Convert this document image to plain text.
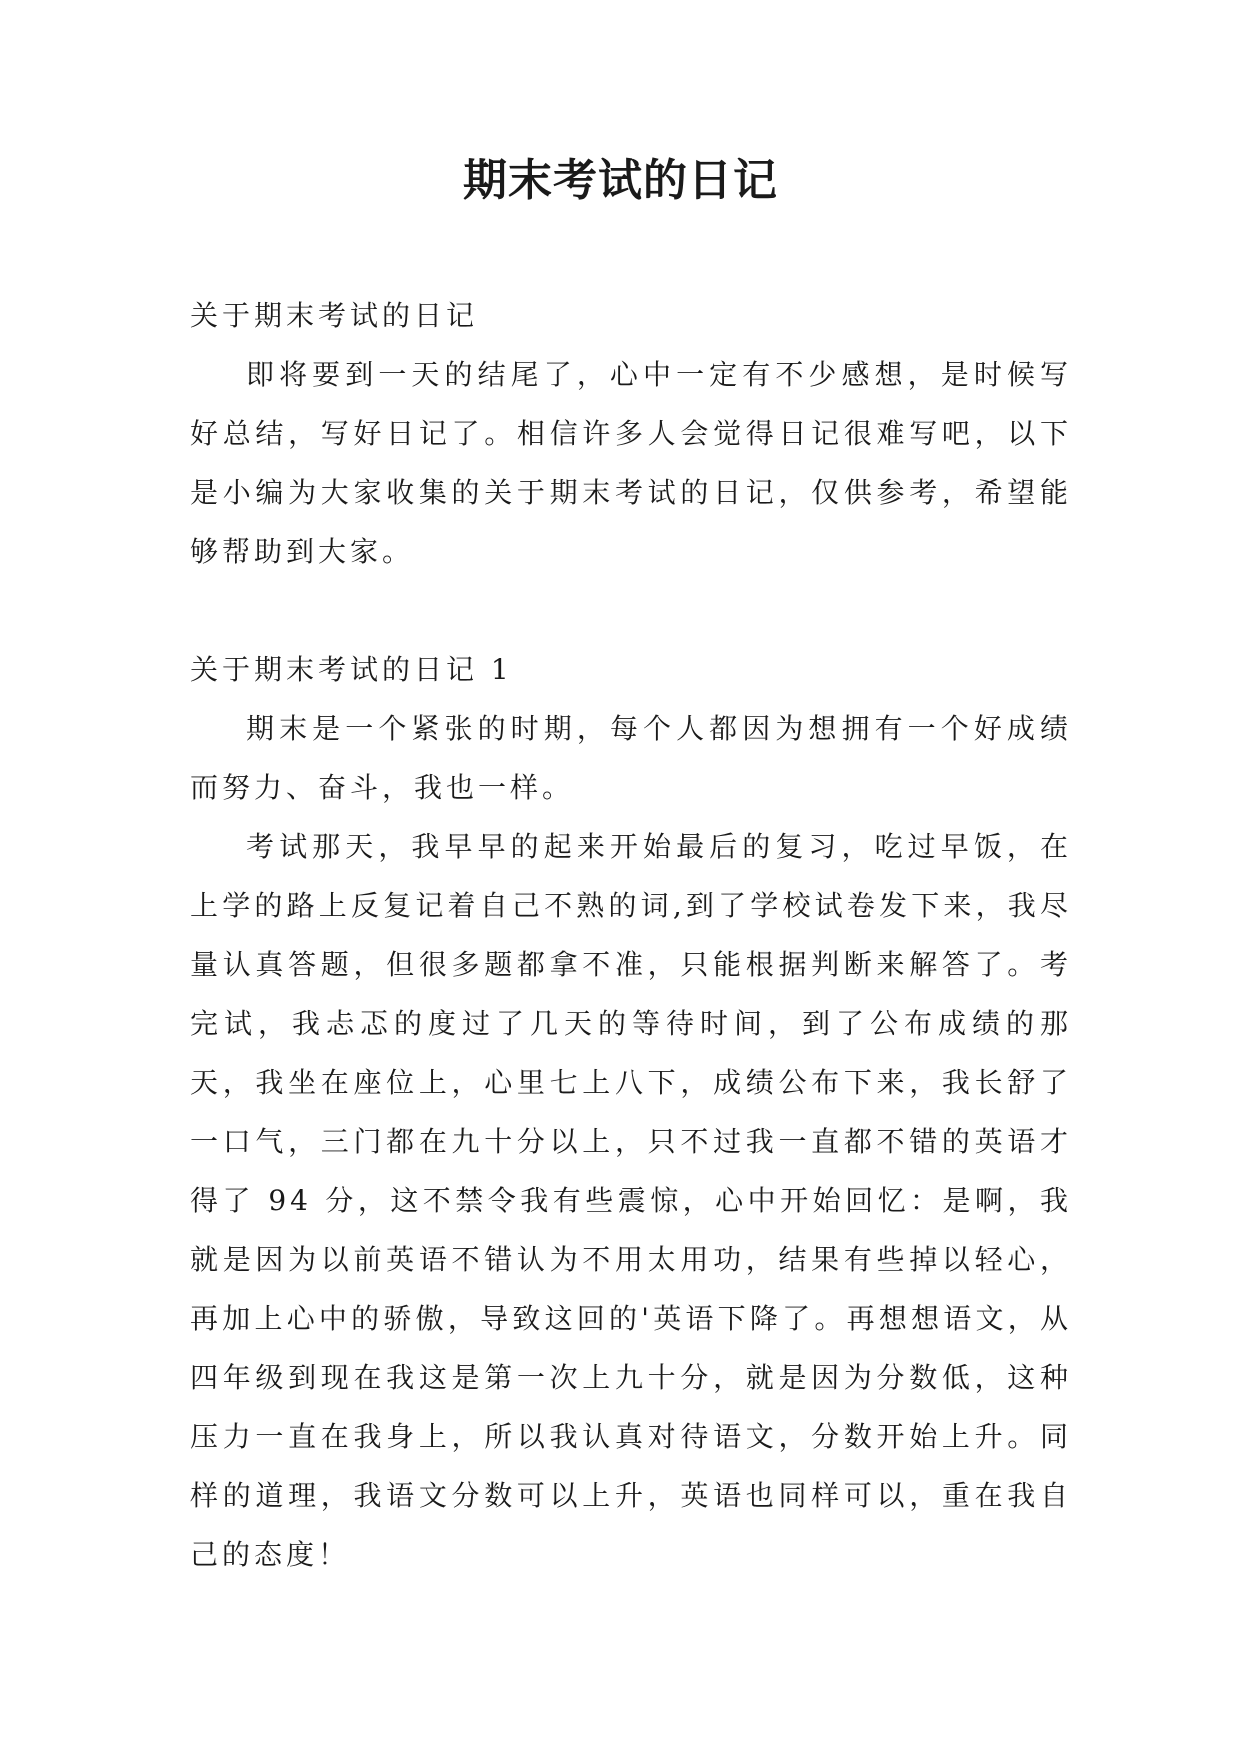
期末考试的日记

关于期末考试的日记

即将要到一天的结尾了，心中一定有不少感想，是时候写好总结，写好日记了。相信许多人会觉得日记很难写吧，以下是小编为大家收集的关于期末考试的日记，仅供参考，希望能够帮助到大家。

关于期末考试的日记 1

期末是一个紧张的时期，每个人都因为想拥有一个好成绩而努力、奋斗，我也一样。

考试那天，我早早的起来开始最后的复习，吃过早饭，在上学的路上反复记着自己不熟的词,到了学校试卷发下来，我尽量认真答题，但很多题都拿不准，只能根据判断来解答了。考完试，我忐忑的度过了几天的等待时间，到了公布成绩的那天，我坐在座位上，心里七上八下，成绩公布下来，我长舒了一口气，三门都在九十分以上，只不过我一直都不错的英语才得了 94 分，这不禁令我有些震惊，心中开始回忆：是啊，我就是因为以前英语不错认为不用太用功，结果有些掉以轻心，再加上心中的骄傲，导致这回的'英语下降了。再想想语文，从四年级到现在我这是第一次上九十分，就是因为分数低，这种压力一直在我身上，所以我认真对待语文，分数开始上升。同样的道理，我语文分数可以上升，英语也同样可以，重在我自己的态度！
